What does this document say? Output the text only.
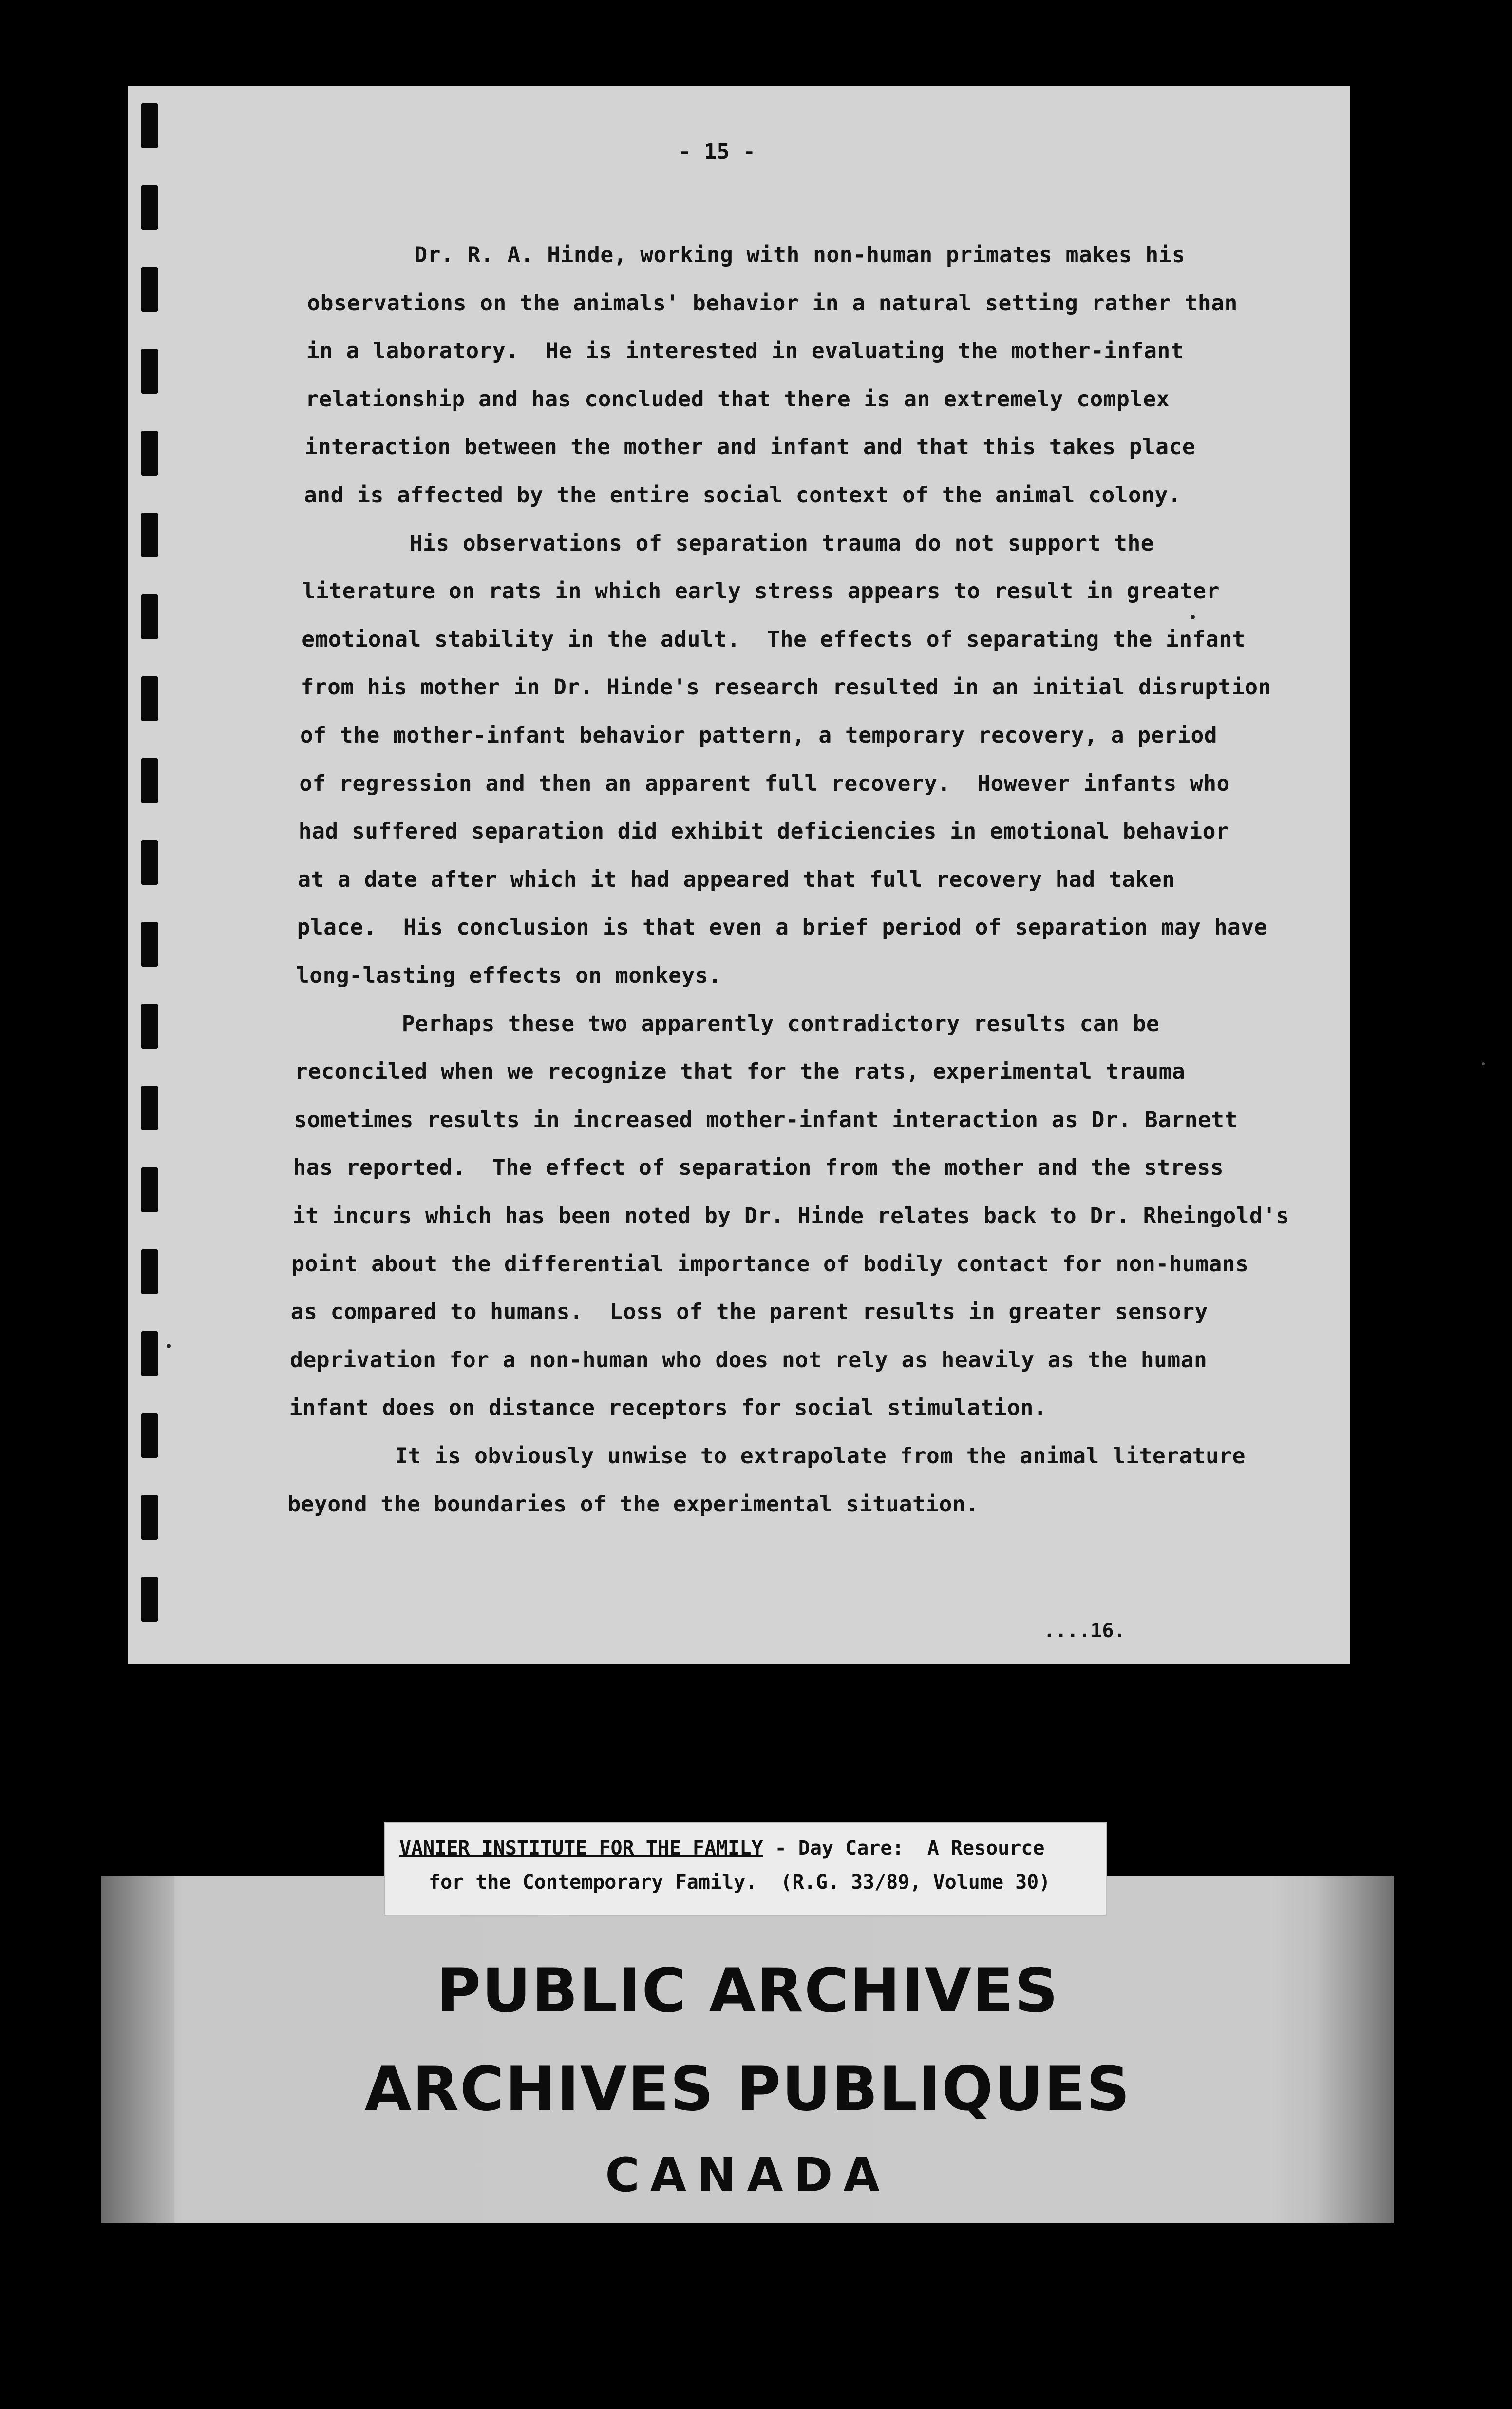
- 15 -
Dr. R. A. Hinde, working with non-human primates makes his
observations on the animals' behavior in a natural setting rather than
in a laboratory.  He is interested in evaluating the mother-infant
relationship and has concluded that there is an extremely complex
interaction between the mother and infant and that this takes place
and is affected by the entire social context of the animal colony.
His observations of separation trauma do not support the
literature on rats in which early stress appears to result in greater
emotional stability in the adult.  The effects of separating the infant
from his mother in Dr. Hinde's research resulted in an initial disruption
of the mother-infant behavior pattern, a temporary recovery, a period
of regression and then an apparent full recovery.  However infants who
had suffered separation did exhibit deficiencies in emotional behavior
at a date after which it had appeared that full recovery had taken
place.  His conclusion is that even a brief period of separation may have
long-lasting effects on monkeys.
Perhaps these two apparently contradictory results can be
reconciled when we recognize that for the rats, experimental trauma
sometimes results in increased mother-infant interaction as Dr. Barnett
has reported.  The effect of separation from the mother and the stress
it incurs which has been noted by Dr. Hinde relates back to Dr. Rheingold's
point about the differential importance of bodily contact for non-humans
as compared to humans.  Loss of the parent results in greater sensory
deprivation for a non-human who does not rely as heavily as the human
infant does on distance receptors for social stimulation.
It is obviously unwise to extrapolate from the animal literature
beyond the boundaries of the experimental situation.
....16.
PUBLIC ARCHIVES
ARCHIVES PUBLIQUES
CANADA
VANIER INSTITUTE FOR THE FAMILY - Day Care:  A Resource
for the Contemporary Family.  (R.G. 33/89, Volume 30)
